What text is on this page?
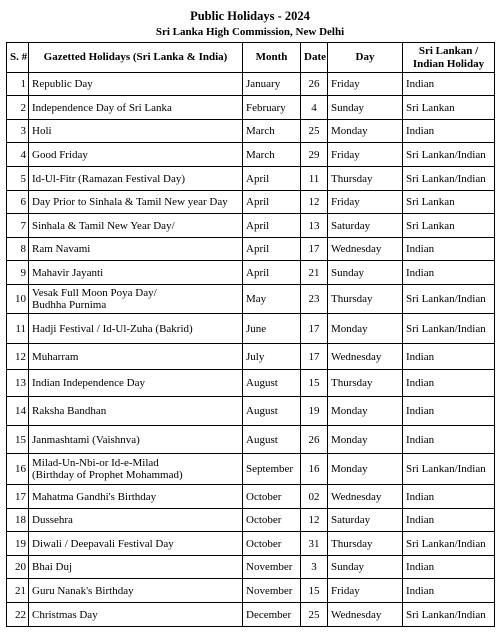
Public Holidays - 2024
Sri Lanka High Commission, New Delhi
S. #	Gazetted Holidays (Sri Lanka & India)	Month	Date	Day	Sri Lankan /
Indian Holiday

1	Republic Day	January	26	Friday	Indian
2	Independence Day of Sri Lanka	February	4	Sunday	Sri Lankan
3	Holi	March	25	Monday	Indian
4	Good Friday	March	29	Friday	Sri Lankan/Indian
5	Id-Ul-Fitr (Ramazan Festival Day)	April	11	Thursday	Sri Lankan/Indian
6	Day Prior to Sinhala & Tamil New year Day	April	12	Friday	Sri Lankan
7	Sinhala & Tamil New Year Day/	April	13	Saturday	Sri Lankan
8	Ram Navami	April	17	Wednesday	Indian
9	Mahavir Jayanti	April	21	Sunday	Indian
10	Vesak Full Moon Poya Day/
Budhha Purnima	May	23	Thursday	Sri Lankan/Indian
11	Hadji Festival / Id-Ul-Zuha (Bakrid)	June	17	Monday	Sri Lankan/Indian
12	Muharram	July	17	Wednesday	Indian
13	Indian Independence Day	August	15	Thursday	Indian
14	Raksha Bandhan	August	19	Monday	Indian
15	Janmashtami (Vaishnva)	August	26	Monday	Indian
16	Milad-Un-Nbi-or Id-e-Milad
(Birthday of Prophet Mohammad)	September	16	Monday	Sri Lankan/Indian
17	Mahatma Gandhi's Birthday	October	02	Wednesday	Indian
18	Dussehra	October	12	Saturday	Indian
19	Diwali / Deepavali Festival Day	October	31	Thursday	Sri Lankan/Indian
20	Bhai Duj	November	3	Sunday	Indian
21	Guru Nanak's Birthday	November	15	Friday	Indian
22	Christmas Day	December	25	Wednesday	Sri Lankan/Indian
